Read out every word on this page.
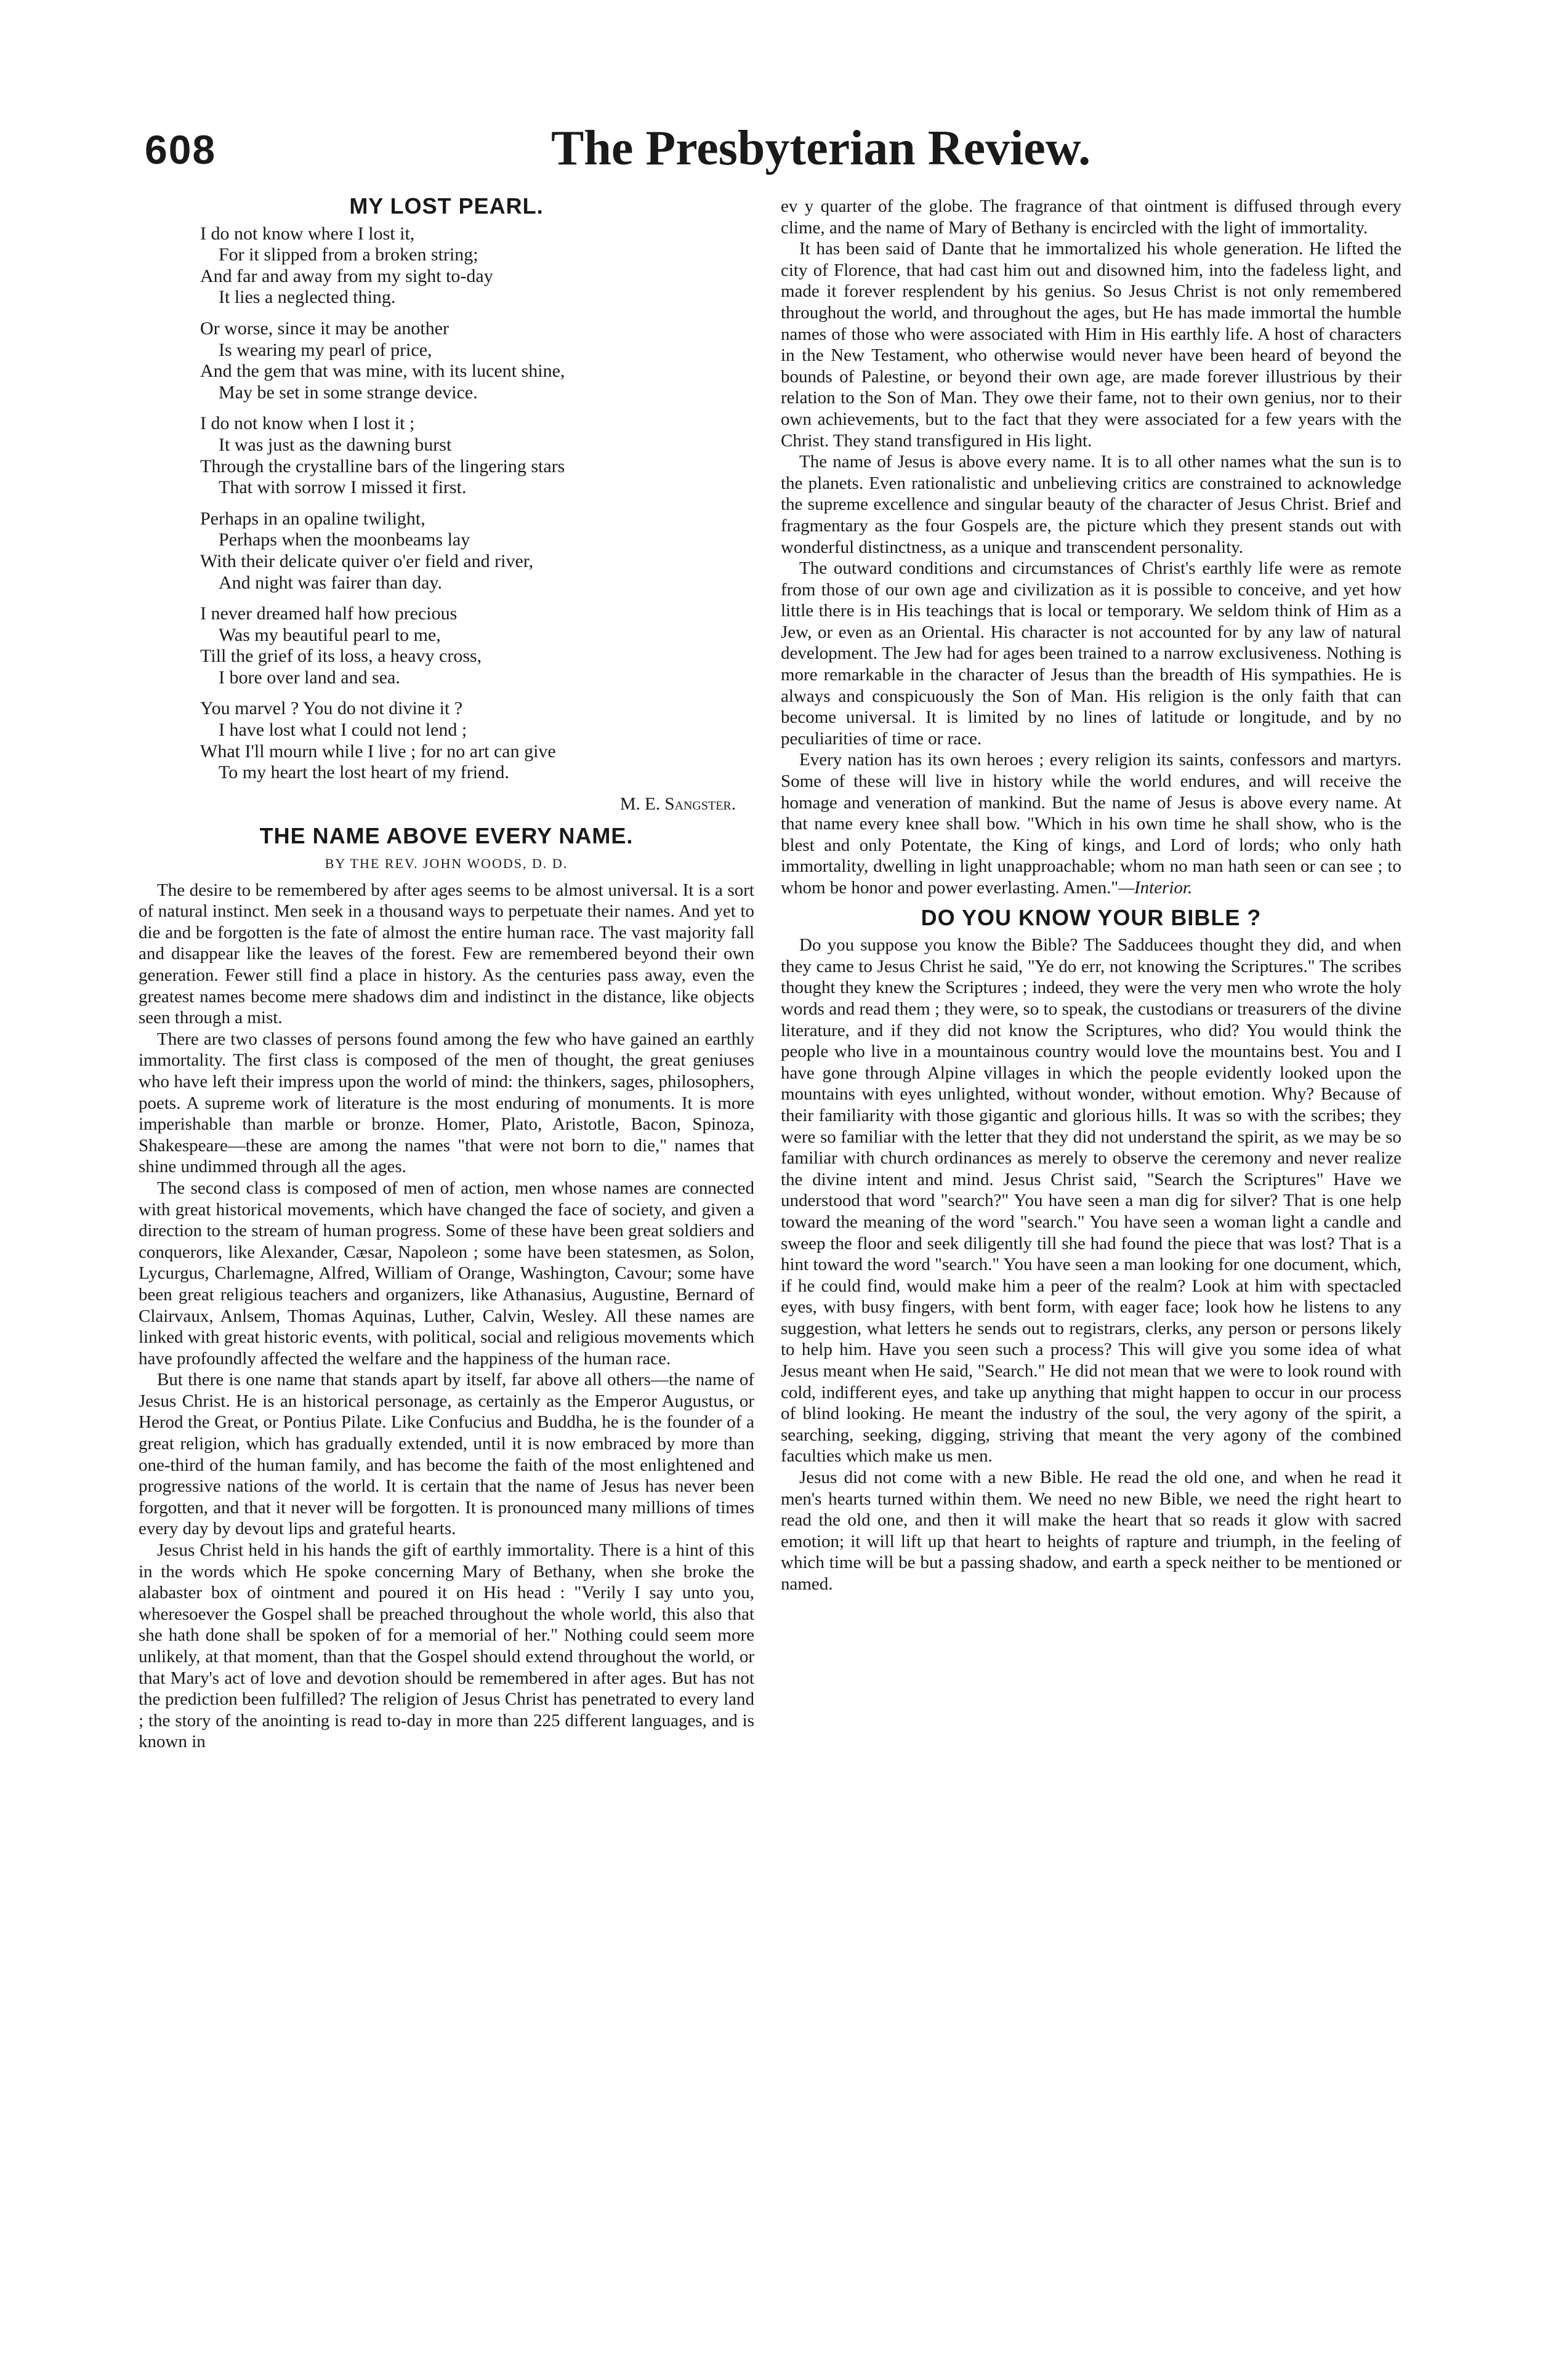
608	The Presbyterian Review.
MY LOST PEARL.
I do not know where I lost it,
For it slipped from a broken string;
And far and away from my sight to-day
It lies a neglected thing.
Or worse, since it may be another
Is wearing my pearl of price,
And the gem that was mine, with its lucent shine,
May be set in some strange device.
I do not know when I lost it ;
It was just as the dawning burst
Through the crystalline bars of the lingering stars
That with sorrow I missed it first.
Perhaps in an opaline twilight,
Perhaps when the moonbeams lay
With their delicate quiver o'er field and river,
And night was fairer than day.
I never dreamed half how precious
Was my beautiful pearl to me,
Till the grief of its loss, a heavy cross,
I bore over land and sea.
You marvel ? You do not divine it ?
I have lost what I could not lend ;
What I'll mourn while I live ; for no art can give
To my heart the lost heart of my friend.
M. E. Sangster.
THE NAME ABOVE EVERY NAME.
BY THE REV. JOHN WOODS, D. D.

The desire to be remembered by after ages seems to be almost universal. It is a sort of natural instinct. Men seek in a thousand ways to perpetuate their names. And yet to die and be forgotten is the fate of almost the entire human race. The vast majority fall and disappear like the leaves of the forest. Few are remembered beyond their own generation. Fewer still find a place in history. As the centuries pass away, even the greatest names become mere shadows dim and indistinct in the distance, like objects seen through a mist.

There are two classes of persons found among the few who have gained an earthly immortality. The first class is composed of the men of thought, the great geniuses who have left their impress upon the world of mind: the thinkers, sages, philosophers, poets. A supreme work of literature is the most enduring of monuments. It is more imperishable than marble or bronze. Homer, Plato, Aristotle, Bacon, Spinoza, Shakespeare—these are among the names "that were not born to die," names that shine undimmed through all the ages.

The second class is composed of men of action, men whose names are connected with great historical movements, which have changed the face of society, and given a direction to the stream of human progress. Some of these have been great soldiers and conquerors, like Alexander, Cæsar, Napoleon ; some have been statesmen, as Solon, Lycurgus, Charlemagne, Alfred, William of Orange, Washington, Cavour; some have been great religious teachers and organizers, like Athanasius, Augustine, Bernard of Clairvaux, Anlsem, Thomas Aquinas, Luther, Calvin, Wesley. All these names are linked with great historic events, with political, social and religious movements which have profoundly affected the welfare and the happiness of the human race.

But there is one name that stands apart by itself, far above all others—the name of Jesus Christ. He is an historical personage, as certainly as the Emperor Augustus, or Herod the Great, or Pontius Pilate. Like Confucius and Buddha, he is the founder of a great religion, which has gradually extended, until it is now embraced by more than one-third of the human family, and has become the faith of the most enlightened and progressive nations of the world. It is certain that the name of Jesus has never been forgotten, and that it never will be forgotten. It is pronounced many millions of times every day by devout lips and grateful hearts.

Jesus Christ held in his hands the gift of earthly immortality. There is a hint of this in the words which He spoke concerning Mary of Bethany, when she broke the alabaster box of ointment and poured it on His head : "Verily I say unto you, wheresoever the Gospel shall be preached throughout the whole world, this also that she hath done shall be spoken of for a memorial of her." Nothing could seem more unlikely, at that moment, than that the Gospel should extend throughout the world, or that Mary's act of love and devotion should be remembered in after ages. But has not the prediction been fulfilled? The religion of Jesus Christ has penetrated to every land ; the story of the anointing is read to-day in more than 225 different languages, and is known in

ev y quarter of the globe. The fragrance of that ointment is diffused through every clime, and the name of Mary of Bethany is encircled with the light of immortality.

It has been said of Dante that he immortalized his whole generation. He lifted the city of Florence, that had cast him out and disowned him, into the fadeless light, and made it forever resplendent by his genius. So Jesus Christ is not only remembered throughout the world, and throughout the ages, but He has made immortal the humble names of those who were associated with Him in His earthly life. A host of characters in the New Testament, who otherwise would never have been heard of beyond the bounds of Palestine, or beyond their own age, are made forever illustrious by their relation to the Son of Man. They owe their fame, not to their own genius, nor to their own achievements, but to the fact that they were associated for a few years with the Christ. They stand transfigured in His light.

The name of Jesus is above every name. It is to all other names what the sun is to the planets. Even rationalistic and unbelieving critics are constrained to acknowledge the supreme excellence and singular beauty of the character of Jesus Christ. Brief and fragmentary as the four Gospels are, the picture which they present stands out with wonderful distinctness, as a unique and transcendent personality.

The outward conditions and circumstances of Christ's earthly life were as remote from those of our own age and civilization as it is possible to conceive, and yet how little there is in His teachings that is local or temporary. We seldom think of Him as a Jew, or even as an Oriental. His character is not accounted for by any law of natural development. The Jew had for ages been trained to a narrow exclusiveness. Nothing is more remarkable in the character of Jesus than the breadth of His sympathies. He is always and conspicuously the Son of Man. His religion is the only faith that can become universal. It is limited by no lines of latitude or longitude, and by no peculiarities of time or race.

Every nation has its own heroes ; every religion its saints, confessors and martyrs. Some of these will live in history while the world endures, and will receive the homage and veneration of mankind. But the name of Jesus is above every name. At that name every knee shall bow. "Which in his own time he shall show, who is the blest and only Potentate, the King of kings, and Lord of lords; who only hath immortality, dwelling in light unapproachable; whom no man hath seen or can see ; to whom be honor and power everlasting. Amen."—Interior.

DO YOU KNOW YOUR BIBLE ?

Do you suppose you know the Bible? The Sadducees thought they did, and when they came to Jesus Christ he said, "Ye do err, not knowing the Scriptures." The scribes thought they knew the Scriptures ; indeed, they were the very men who wrote the holy words and read them ; they were, so to speak, the custodians or treasurers of the divine literature, and if they did not know the Scriptures, who did? You would think the people who live in a mountainous country would love the mountains best. You and I have gone through Alpine villages in which the people evidently looked upon the mountains with eyes unlighted, without wonder, without emotion. Why? Because of their familiarity with those gigantic and glorious hills. It was so with the scribes; they were so familiar with the letter that they did not understand the spirit, as we may be so familiar with church ordinances as merely to observe the ceremony and never realize the divine intent and mind. Jesus Christ said, "Search the Scriptures" Have we understood that word "search?" You have seen a man dig for silver? That is one help toward the meaning of the word "search." You have seen a woman light a candle and sweep the floor and seek diligently till she had found the piece that was lost? That is a hint toward the word "search." You have seen a man looking for one document, which, if he could find, would make him a peer of the realm? Look at him with spectacled eyes, with busy fingers, with bent form, with eager face; look how he listens to any suggestion, what letters he sends out to registrars, clerks, any person or persons likely to help him. Have you seen such a process? This will give you some idea of what Jesus meant when He said, "Search." He did not mean that we were to look round with cold, indifferent eyes, and take up anything that might happen to occur in our process of blind looking. He meant the industry of the soul, the very agony of the spirit, a searching, seeking, digging, striving that meant the very agony of the combined faculties which make us men.

Jesus did not come with a new Bible. He read the old one, and when he read it men's hearts turned within them. We need no new Bible, we need the right heart to read the old one, and then it will make the heart that so reads it glow with sacred emotion; it will lift up that heart to heights of rapture and triumph, in the feeling of which time will be but a passing shadow, and earth a speck neither to be mentioned or named.
